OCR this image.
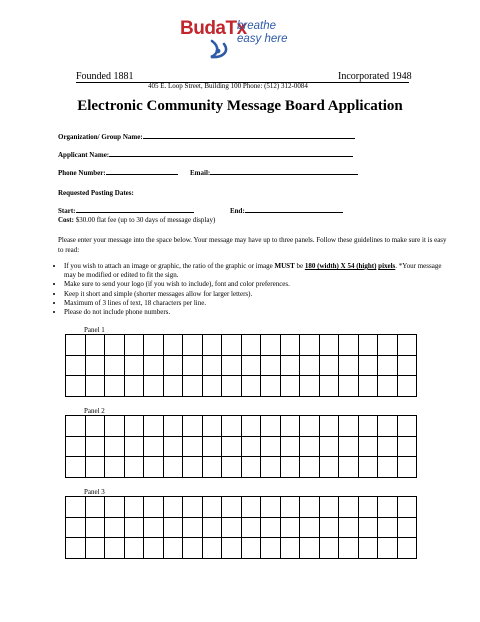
BudaTx
breathe
easy here
Founded 1881	Incorporated 1948
405 E. Loop Street, Building 100 Phone: (512) 312-0084
Electronic Community Message Board Application
Organization/ Group Name:
Applicant Name:
Phone Number:	Email:
Requested Posting Dates:
Start:	End:
Cost: $30.00 flat fee (up to 30 days of message display)
Please enter your message into the space below. Your message may have up to three panels. Follow these guidelines to make sure it is easy to read:
• If you wish to attach an image or graphic, the ratio of the graphic or image MUST be 180 (width) X 54 (hight) pixels. *Your message may be modified or edited to fit the sign.
• Make sure to send your logo (if you wish to include), font and color preferences.
• Keep it short and simple (shorter messages allow for larger letters).
• Maximum of 3 lines of text, 18 characters per line.
• Please do not include phone numbers.
Panel 1

Panel 2

Panel 3
